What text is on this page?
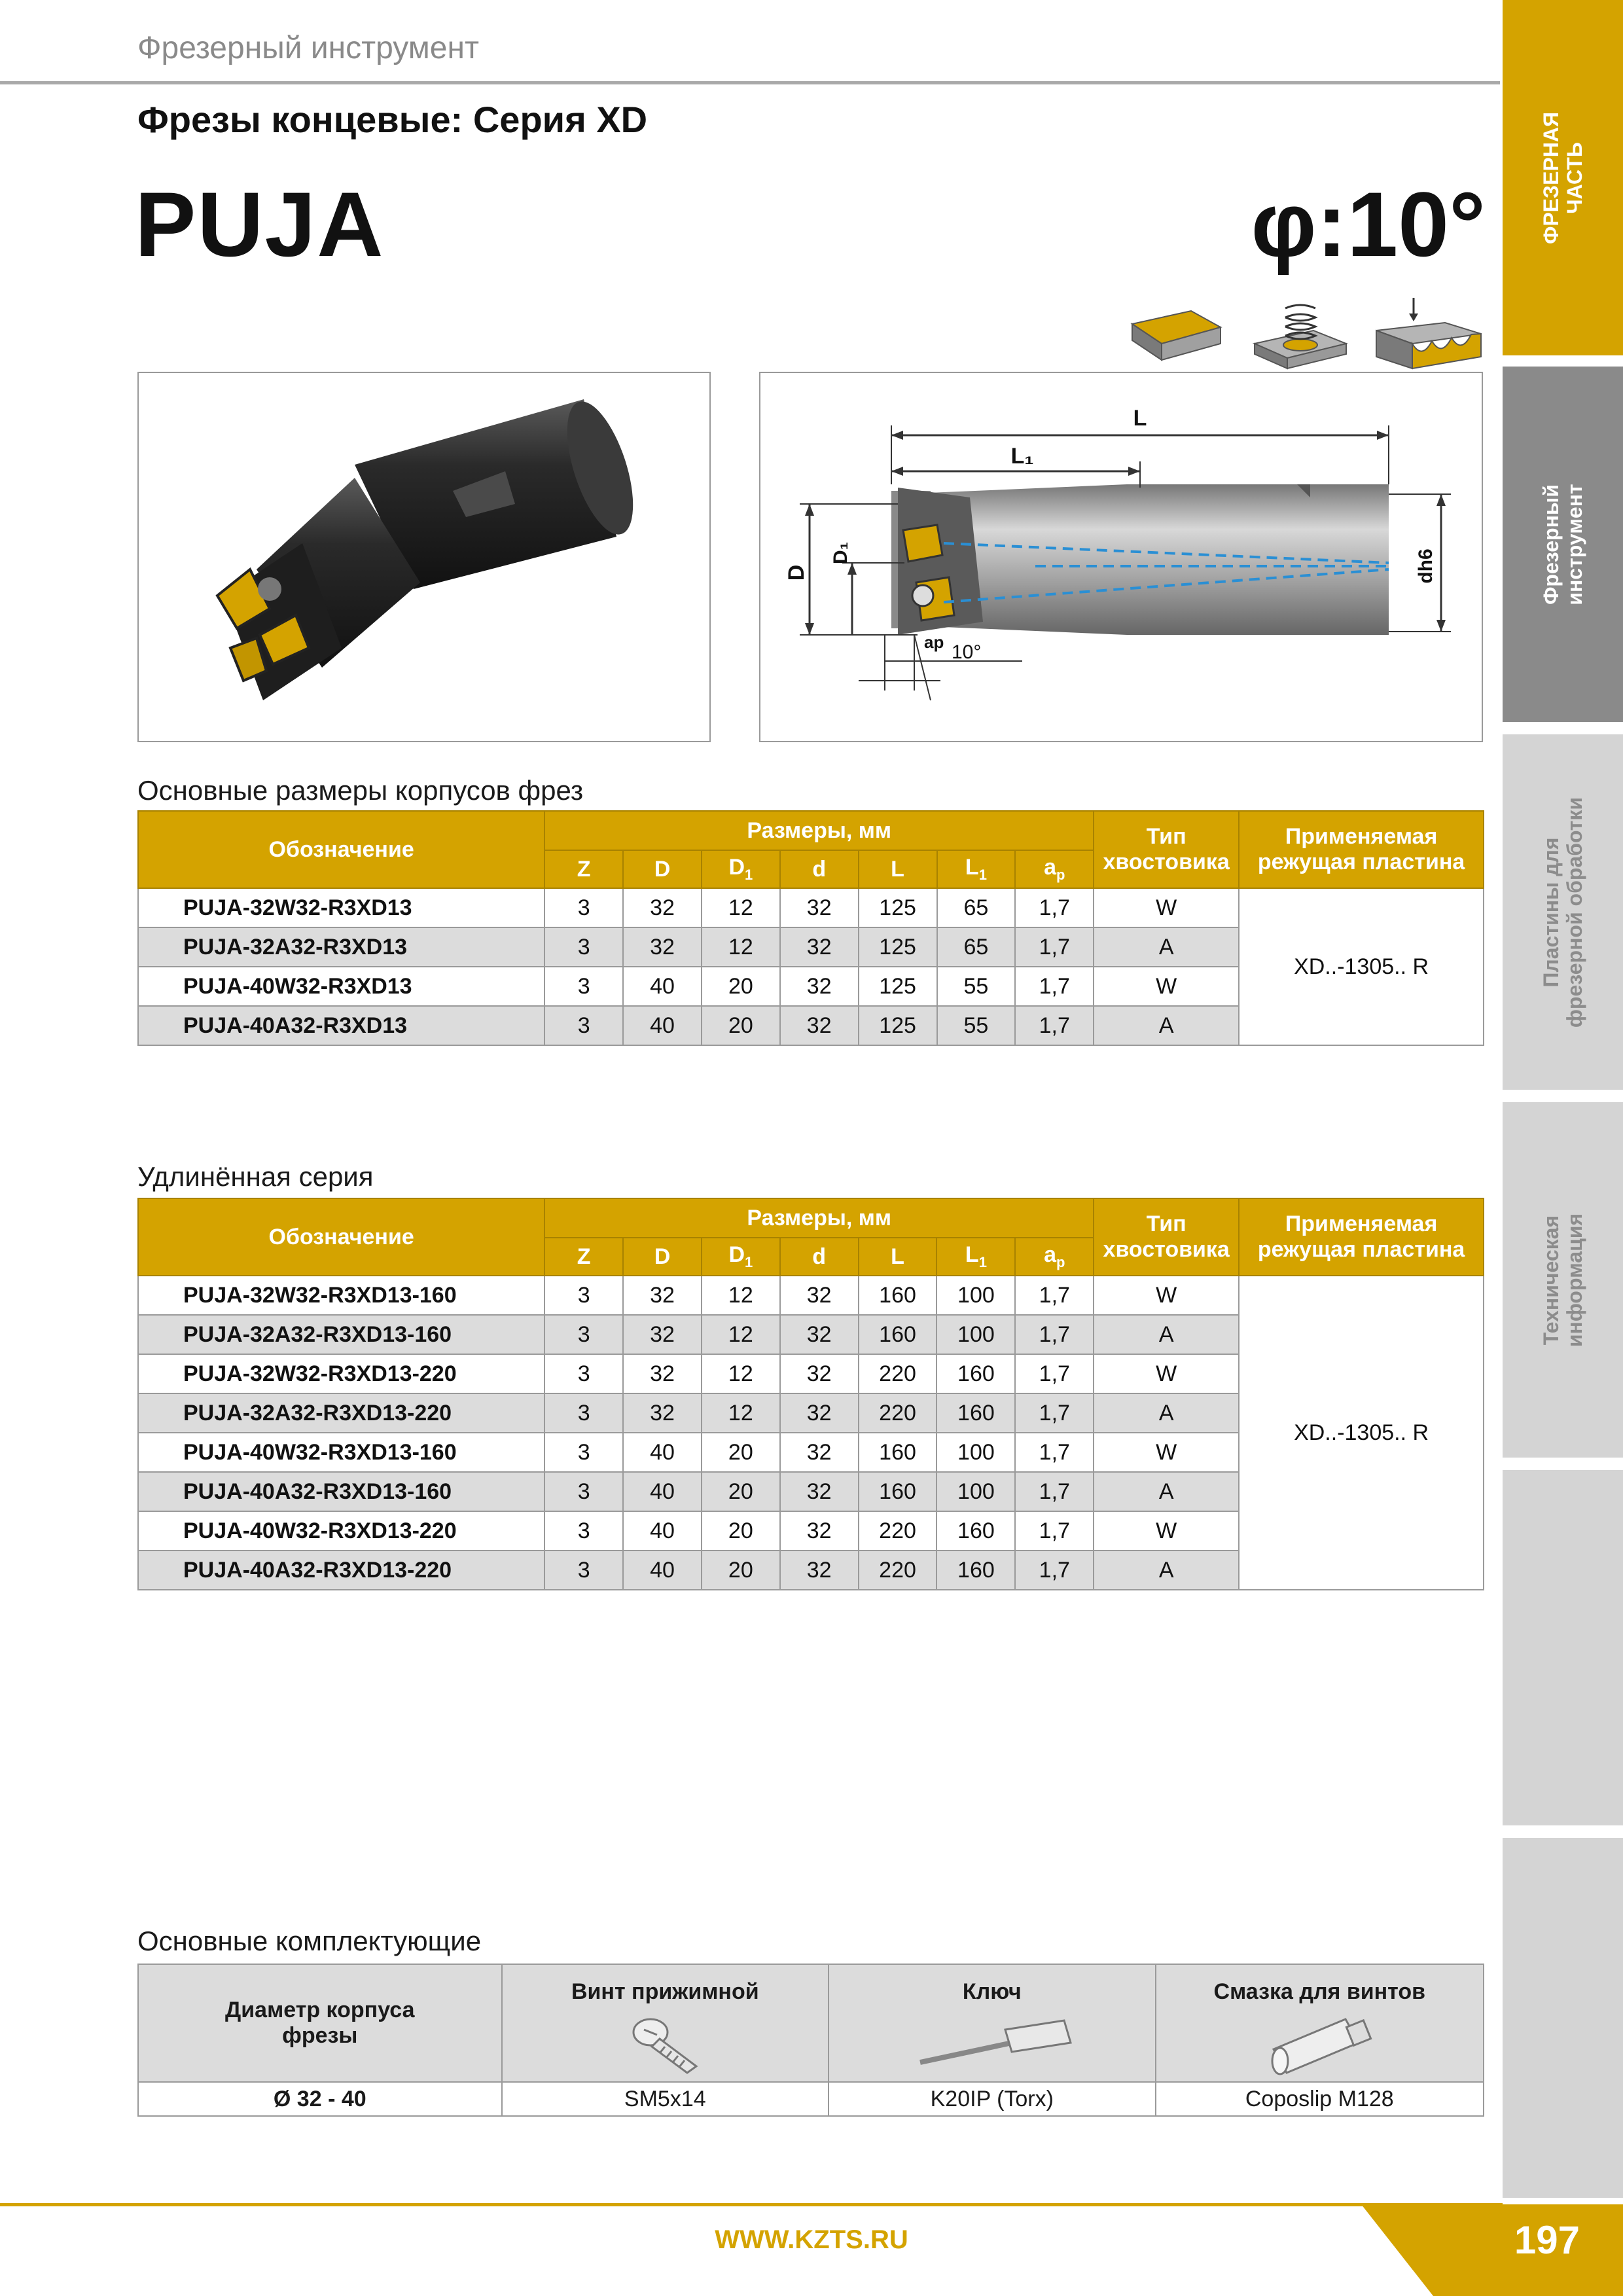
Фрезерный инструмент
Фрезы концевые: Серия XD
PUJA	φ:10°	ФРЕЗЕРНАЯ
ЧАСТЬ
Фрезерный
инструмент
Пластины для
фрезерной обработки
Техническая
информация
L
L₁
D
D₁	dh6
ap 10°
Основные размеры корпусов фрез
Обозначение	Размеры, мм							Тип хвостовика	Применяемая режущая пластина
	Z	D	$D_1$	d	L	$L_1$	$a_p$
PUJA-32W32-R3XD13	3	32	12	32	125	65	1,7	W	XD..-1305.. R
PUJA-32A32-R3XD13	3	32	12	32	125	65	1,7	A	
PUJA-40W32-R3XD13	3	40	20	32	125	55	1,7	W	
PUJA-40A32-R3XD13	3	40	20	32	125	55	1,7	A	
Удлинённая серия
Обозначение	Размеры, мм							Тип хвостовика	Применяемая режущая пластина
	Z	D	$D_1$	d	L	$L_1$	$a_p$
PUJA-32W32-R3XD13-160	3	32	12	32	160	100	1,7	W	XD..-1305.. R
PUJA-32A32-R3XD13-160	3	32	12	32	160	100	1,7	A	
PUJA-32W32-R3XD13-220	3	32	12	32	220	160	1,7	W	
PUJA-32A32-R3XD13-220	3	32	12	32	220	160	1,7	A	
PUJA-40W32-R3XD13-160	3	40	20	32	160	100	1,7	W	
PUJA-40A32-R3XD13-160	3	40	20	32	160	100	1,7	A	
PUJA-40W32-R3XD13-220	3	40	20	32	220	160	1,7	W	
PUJA-40A32-R3XD13-220	3	40	20	32	220	160	1,7	A	
Основные комплектующие
Диаметр корпуса фрезы	Винт прижимной	Ключ	Смазка для винтов

Ø 32 - 40	SM5x14	K20IP (Torx)	Coposlip M128
WWW.KZTS.RU	197
